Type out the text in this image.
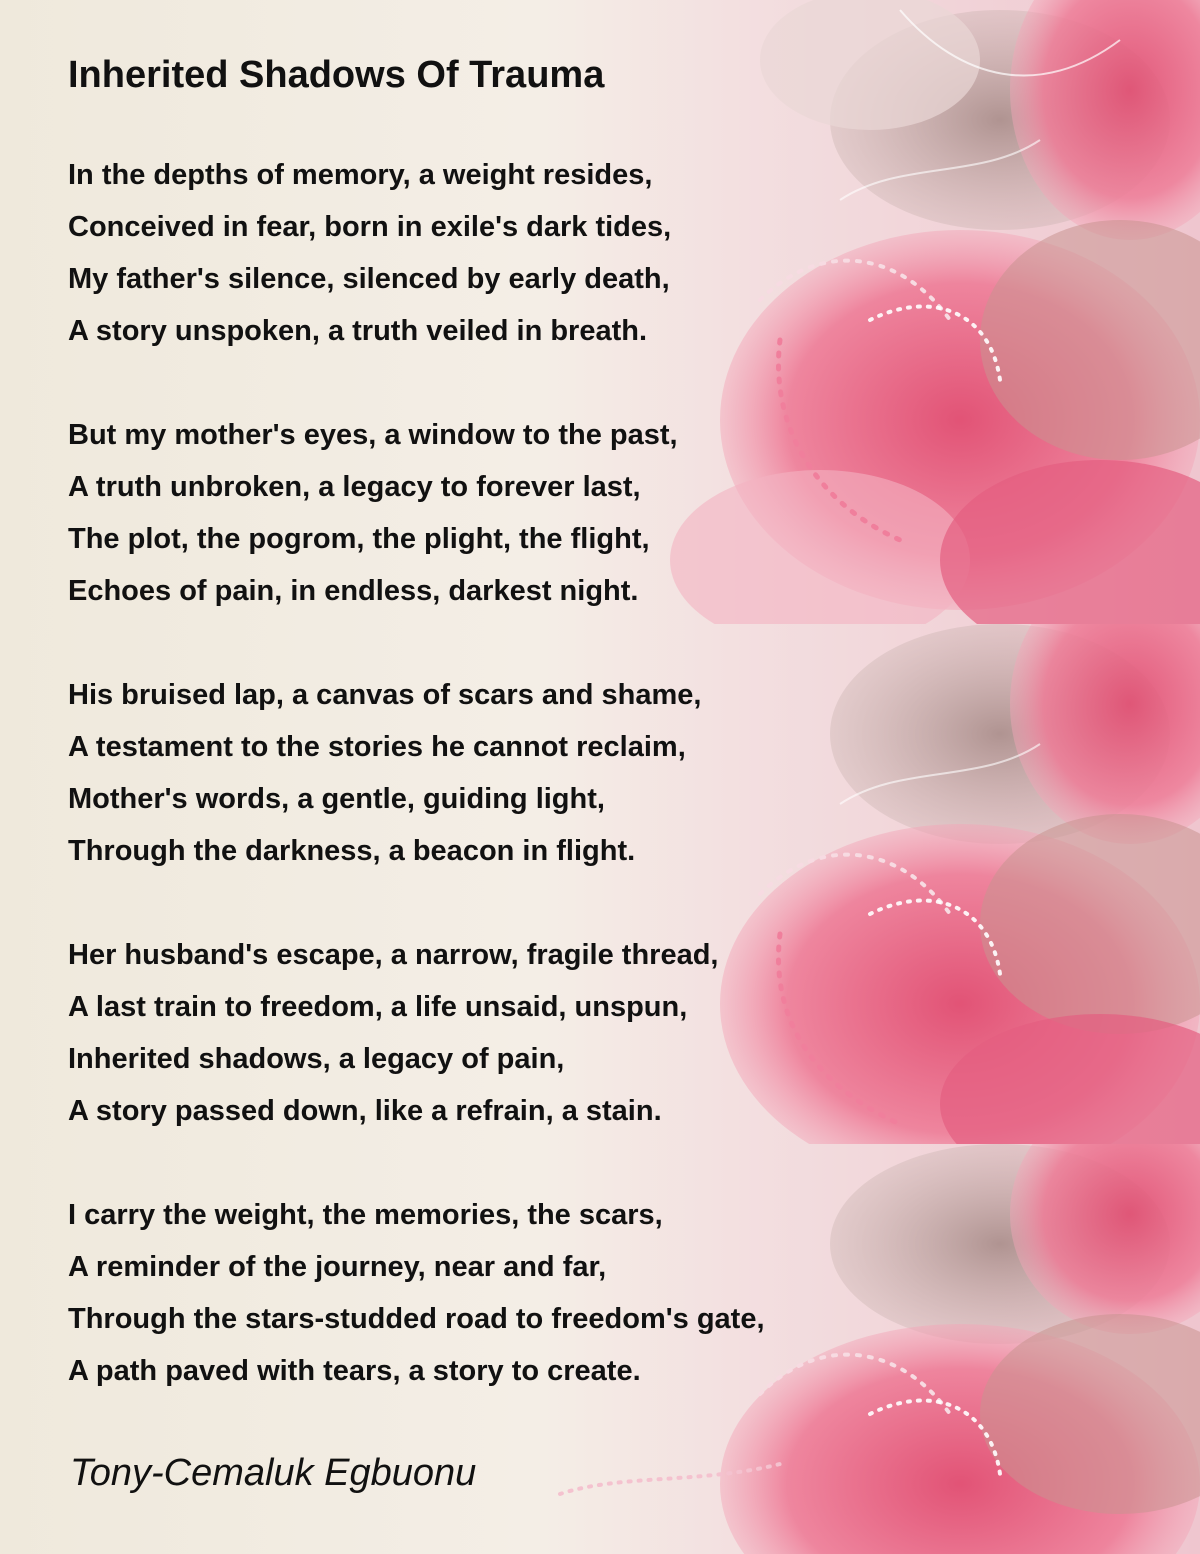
Inherited Shadows Of Trauma
In the depths of memory, a weight resides,
Conceived in fear, born in exile's dark tides,
My father's silence, silenced by early death,
A story unspoken, a truth veiled in breath.
But my mother's eyes, a window to the past,
A truth unbroken, a legacy to forever last,
The plot, the pogrom, the plight, the flight,
Echoes of pain, in endless, darkest night.
His bruised lap, a canvas of scars and shame,
A testament to the stories he cannot reclaim,
Mother's words, a gentle, guiding light,
Through the darkness, a beacon in flight.
Her husband's escape, a narrow, fragile thread,
A last train to freedom, a life unsaid, unspun,
Inherited shadows, a legacy of pain,
A story passed down, like a refrain, a stain.
I carry the weight, the memories, the scars,
A reminder of the journey, near and far,
Through the stars-studded road to freedom's gate,
A path paved with tears, a story to create.

Tony-Cemaluk Egbuonu
